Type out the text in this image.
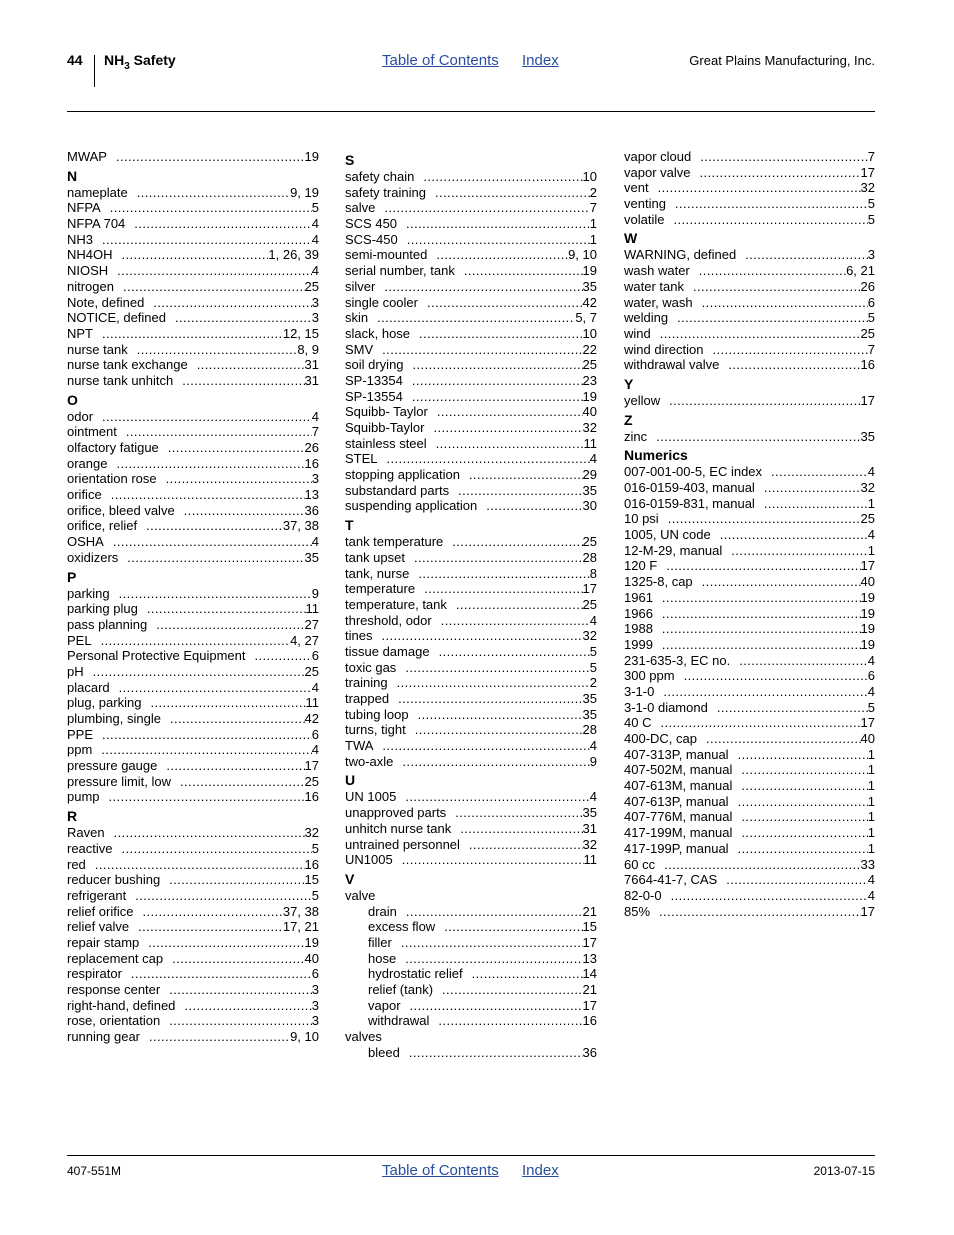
44 $NH_3$ Safety	Table of Contents Index	Great Plains Manufacturing, Inc.
MWAP .....	19
N
nameplate .....	9, 19
NFPA .....	5
NFPA 704 .....	4
NH3 .....	4
NH4OH .....	1, 26, 39
NIOSH .....	4
nitrogen .....	25
Note, defined .....	3
NOTICE, defined .....	3
NPT .....	12, 15
nurse tank .....	8, 9
nurse tank exchange .....	31
nurse tank unhitch .....	31
O
odor .....	4
ointment .....	7
olfactory fatigue .....	26
orange .....	16
orientation rose .....	3
orifice .....	13
orifice, bleed valve .....	36
orifice, relief .....	37, 38
OSHA .....	4
oxidizers .....	35
P
parking .....	9
parking plug .....	11
pass planning .....	27
PEL .....	4, 27
Personal Protective Equipment .....	6
pH .....	25
placard .....	4
plug, parking .....	11
plumbing, single .....	42
PPE .....	6
ppm .....	4
pressure gauge .....	17
pressure limit, low .....	25
pump .....	16
R
Raven .....	32
reactive .....	5
red .....	16
reducer bushing .....	15
refrigerant .....	5
relief orifice .....	37, 38
relief valve .....	17, 21
repair stamp .....	19
replacement cap .....	40
respirator .....	6
response center .....	3
right-hand, defined .....	3
rose, orientation .....	3
running gear .....	9, 10
S
safety chain .....	10
safety training .....	2
salve .....	7
SCS 450 .....	1
SCS-450 .....	1
semi-mounted .....	9, 10
serial number, tank .....	19
silver .....	35
single cooler .....	42
skin .....	5, 7
slack, hose .....	10
SMV .....	22
soil drying .....	25
SP-13354 .....	23
SP-13554 .....	19
Squibb- Taylor .....	40
Squibb-Taylor .....	32
stainless steel .....	11
STEL .....	4
stopping application .....	29
substandard parts .....	35
suspending application .....	30
T
tank temperature .....	25
tank upset .....	28
tank, nurse .....	8
temperature .....	17
temperature, tank .....	25
threshold, odor .....	4
tines .....	32
tissue damage .....	5
toxic gas .....	5
training .....	2
trapped .....	35
tubing loop .....	35
turns, tight .....	28
TWA .....	4
two-axle .....	9
U
UN 1005 .....	4
unapproved parts .....	35
unhitch nurse tank .....	31
untrained personnel .....	32
UN1005 .....	11
V
valve
drain .....	21
excess flow .....	15
filler .....	17
hose .....	13
hydrostatic relief .....	14
relief (tank) .....	21
vapor .....	17
withdrawal .....	16
valves
bleed .....	36
vapor cloud .....	7
vapor valve .....	17
vent .....	32
venting .....	5
volatile .....	5
W
WARNING, defined .....	3
wash water .....	6, 21
water tank .....	26
water, wash .....	6
welding .....	5
wind .....	25
wind direction .....	7
withdrawal valve .....	16
Y
yellow .....	17
Z
zinc .....	35
Numerics
007-001-00-5, EC index .....	4
016-0159-403, manual .....	32
016-0159-831, manual .....	1
10 psi .....	25
1005, UN code .....	4
12-M-29, manual .....	1
120 F .....	17
1325-8, cap .....	40
1961 .....	19
1966 .....	19
1988 .....	19
1999 .....	19
231-635-3, EC no. .....	4
300 ppm .....	6
3-1-0 .....	4
3-1-0 diamond .....	5
40 C .....	17
400-DC, cap .....	40
407-313P, manual .....	1
407-502M, manual .....	1
407-613M, manual .....	1
407-613P, manual .....	1
407-776M, manual .....	1
417-199M, manual .....	1
417-199P, manual .....	1
60 cc .....	33
7664-41-7, CAS .....	4
82-0-0 .....	4
85% .....	17
407-551M	Table of Contents Index	2013-07-15
